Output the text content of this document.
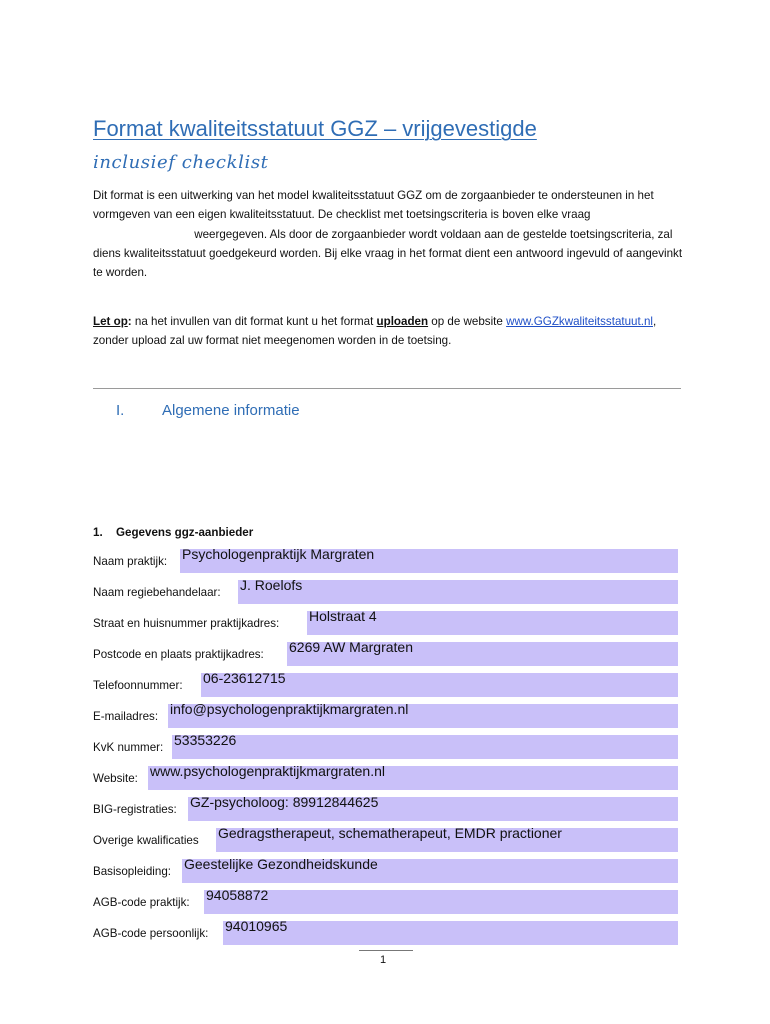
Format kwaliteitsstatuut GGZ – vrijgevestigde
inclusief checklist

Dit format is een uitwerking van het model kwaliteitsstatuut GGZ om de zorgaanbieder te ondersteunen in het vormgeven van een eigen kwaliteitsstatuut. De checklist met toetsingscriteria is boven elke vraag  weergegeven. Als door de zorgaanbieder wordt voldaan aan de gestelde toetsingscriteria, zal diens kwaliteitsstatuut goedgekeurd worden. Bij elke vraag in het format dient een antwoord ingevuld of aangevinkt te worden.

Let op: na het invullen van dit format kunt u het format uploaden op de website www.GGZkwaliteitsstatuut.nl, zonder upload zal uw format niet meegenomen worden in de toetsing.

I.	Algemene informatie
1. Gegevens ggz-aanbieder
Naam praktijk: Psychologenpraktijk Margraten
Naam regiebehandelaar: J. Roelofs
Straat en huisnummer praktijkadres: Holstraat 4
Postcode en plaats praktijkadres: 6269 AW Margraten
Telefoonnummer: 06-23612715
E-mailadres: info@psychologenpraktijkmargraten.nl
KvK nummer: 53353226
Website: www.psychologenpraktijkmargraten.nl
BIG-registraties: GZ-psycholoog: 89912844625
Overige kwalificaties Gedragstherapeut, schematherapeut, EMDR practioner
Basisopleiding: Geestelijke Gezondheidskunde
AGB-code praktijk: 94058872
AGB-code persoonlijk: 94010965
1
